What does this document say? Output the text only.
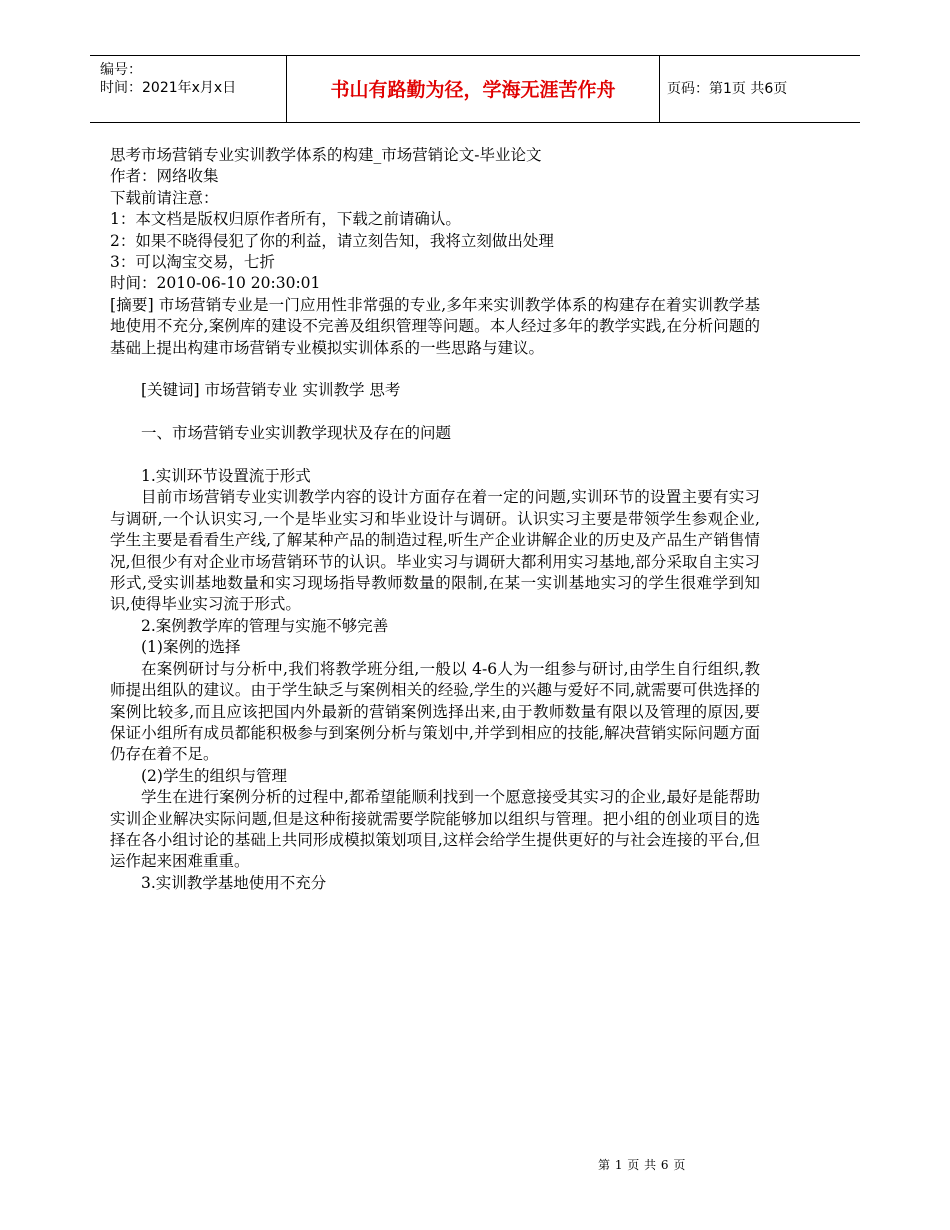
编号：
时间：2021年x月x日	书山有路勤为径，学海无涯苦作舟	页码：第1页 共6页

思考市场营销专业实训教学体系的构建_市场营销论文-毕业论文

作者：网络收集

下载前请注意：

1：本文档是版权归原作者所有，下载之前请确认。

2：如果不晓得侵犯了你的利益，请立刻告知，我将立刻做出处理

3：可以淘宝交易，七折

时间：2010-06-10 20:30:01

[摘要] 市场营销专业是一门应用性非常强的专业,多年来实训教学体系的构建存在着实训教学基地使用不充分,案例库的建设不完善及组织管理等问题。本人经过多年的教学实践,在分析问题的基础上提出构建市场营销专业模拟实训体系的一些思路与建议。

[关键词] 市场营销专业 实训教学 思考

一、市场营销专业实训教学现状及存在的问题

1.实训环节设置流于形式

目前市场营销专业实训教学内容的设计方面存在着一定的问题,实训环节的设置主要有实习与调研,一个认识实习,一个是毕业实习和毕业设计与调研。认识实习主要是带领学生参观企业,学生主要是看看生产线,了解某种产品的制造过程,听生产企业讲解企业的历史及产品生产销售情况,但很少有对企业市场营销环节的认识。毕业实习与调研大都利用实习基地,部分采取自主实习形式,受实训基地数量和实习现场指导教师数量的限制,在某一实训基地实习的学生很难学到知识,使得毕业实习流于形式。

2.案例教学库的管理与实施不够完善

(1)案例的选择

在案例研讨与分析中,我们将教学班分组,一般以 4-6人为一组参与研讨,由学生自行组织,教师提出组队的建议。由于学生缺乏与案例相关的经验,学生的兴趣与爱好不同,就需要可供选择的案例比较多,而且应该把国内外最新的营销案例选择出来,由于教师数量有限以及管理的原因,要保证小组所有成员都能积极参与到案例分析与策划中,并学到相应的技能,解决营销实际问题方面仍存在着不足。

(2)学生的组织与管理

学生在进行案例分析的过程中,都希望能顺利找到一个愿意接受其实习的企业,最好是能帮助实训企业解决实际问题,但是这种衔接就需要学院能够加以组织与管理。把小组的创业项目的选择在各小组讨论的基础上共同形成模拟策划项目,这样会给学生提供更好的与社会连接的平台,但运作起来困难重重。

3.实训教学基地使用不充分

第 1 页 共 6 页
